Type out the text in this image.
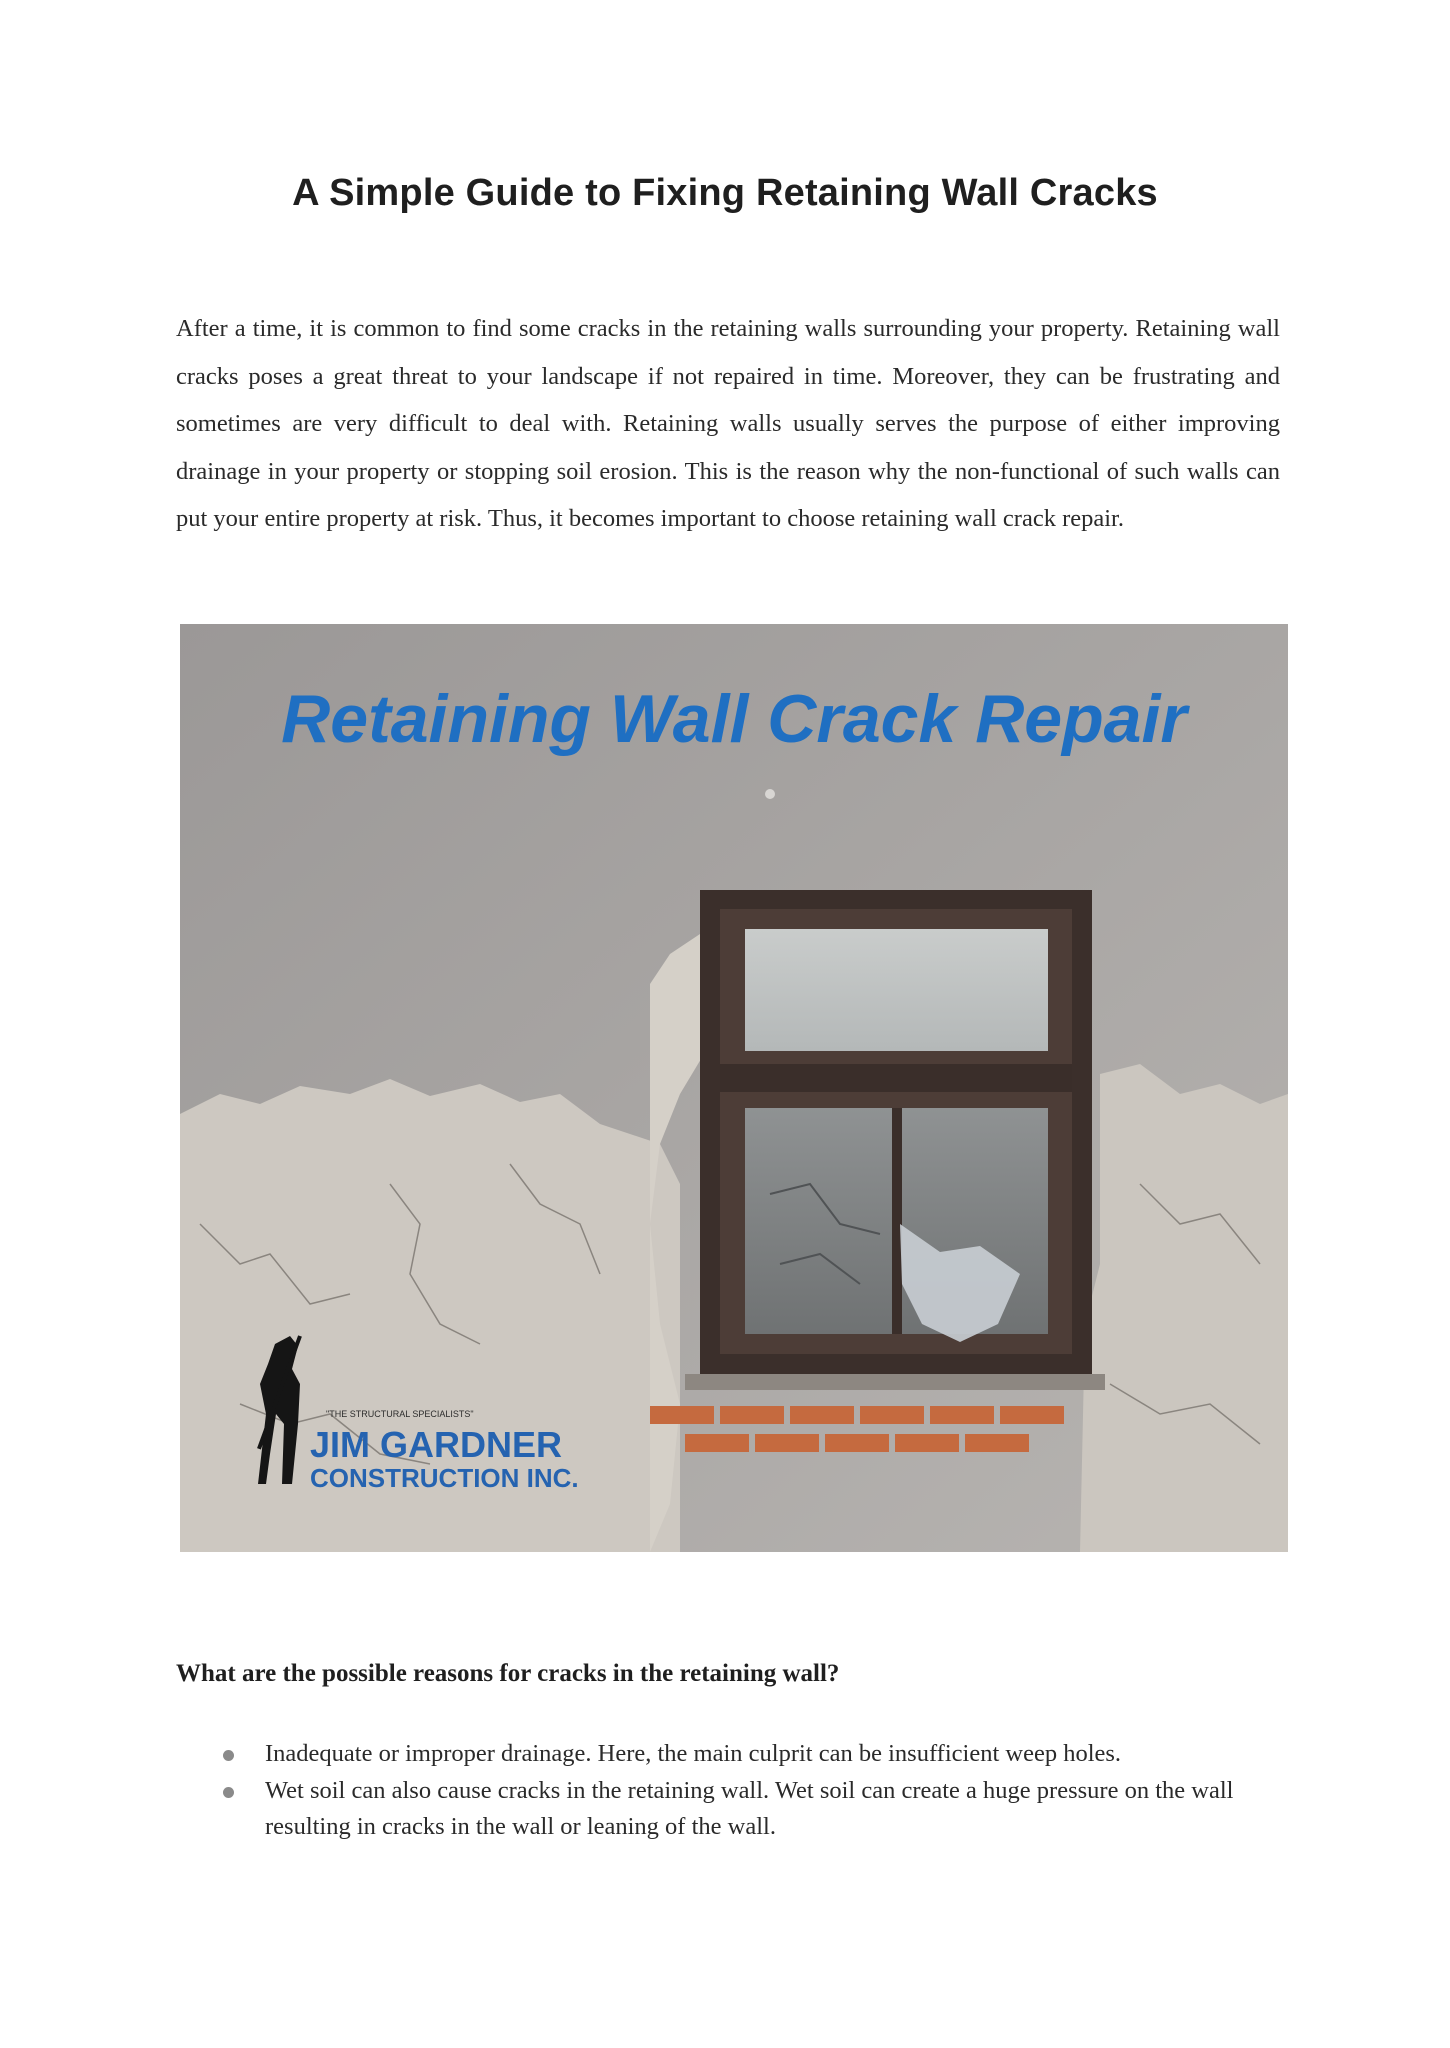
A Simple Guide to Fixing Retaining Wall Cracks

After a time, it is common to find some cracks in the retaining walls surrounding your property. Retaining wall cracks poses a great threat to your landscape if not repaired in time. Moreover, they can be frustrating and sometimes are very difficult to deal with. Retaining walls usually serves the purpose of either improving drainage in your property or stopping soil erosion. This is the reason why the non-functional of such walls can put your entire property at risk. Thus, it becomes important to choose retaining wall crack repair.

Retaining Wall Crack Repair
"THE STRUCTURAL SPECIALISTS"
JIM GARDNER
CONSTRUCTION INC.
What are the possible reasons for cracks in the retaining wall?
Inadequate or improper drainage. Here, the main culprit can be insufficient weep holes.
Wet soil can also cause cracks in the retaining wall. Wet soil can create a huge pressure on the wall resulting in cracks in the wall or leaning of the wall.
